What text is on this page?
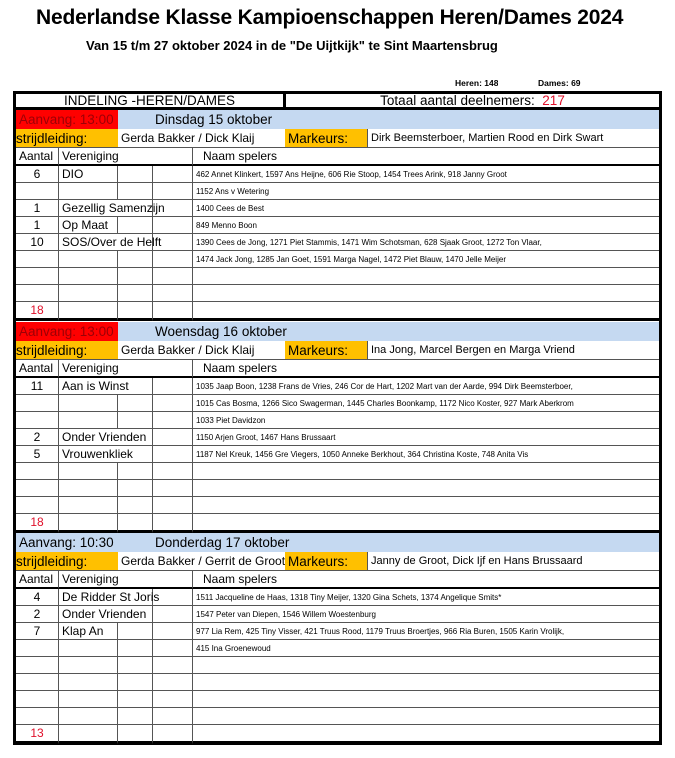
Nederlandse Klasse Kampioenschappen Heren/Dames 2024
Van 15 t/m 27 oktober 2024 in de "De Uijtkijk" te Sint Maartensbrug
Heren: 148	Dames: 69
INDELING -HEREN/DAMES	Totaal aantal deelnemers:
217
Aanvang: 13:00	Dinsdag 15 oktober
strijdleiding:	Gerda Bakker / Dick Klaij	Markeurs:	Dirk Beemsterboer, Martien Rood en Dirk Swart
Aantal Vereniging	Naam spelers
6	DIO	462 Annet Klinkert, 1597 Ans Heijne, 606 Rie Stoop, 1454 Trees Arink, 918 Janny Groot
1152 Ans v Wetering
1	Gezellig Samenzijn	1400 Cees de Best
1	Op Maat	849 Menno Boon
10	SOS/Over de Helft	1390 Cees de Jong, 1271 Piet Stammis, 1471 Wim Schotsman, 628 Sjaak Groot, 1272 Ton Vlaar,
1474 Jack Jong, 1285 Jan Goet, 1591 Marga Nagel, 1472 Piet Blauw, 1470 Jelle Meijer
18
Aanvang: 13:00	Woensdag 16 oktober
strijdleiding:	Gerda Bakker / Dick Klaij	Markeurs:	Ina Jong, Marcel Bergen en Marga Vriend
Aantal Vereniging	Naam spelers
11	Aan is Winst	1035 Jaap Boon, 1238 Frans de Vries, 246 Cor de Hart, 1202 Mart van der Aarde, 994 Dirk Beemsterboer,
1015 Cas Bosma, 1266 Sico Swagerman, 1445 Charles Boonkamp, 1172 Nico Koster, 927 Mark Aberkrom
1033 Piet Davidzon
2	Onder Vrienden	1150 Arjen Groot, 1467 Hans Brussaart
5	Vrouwenkliek	1187 Nel Kreuk, 1456 Gre Viegers, 1050 Anneke Berkhout, 364 Christina Koste, 748 Anita Vis
18
Aanvang: 10:30	Donderdag 17 oktober
strijdleiding:	Gerda Bakker / Gerrit de Groot Markeurs:	Janny de Groot, Dick Ijf en Hans Brussaard
Aantal Vereniging	Naam spelers
4	De Ridder St Joris	1511 Jacqueline de Haas, 1318 Tiny Meijer, 1320 Gina Schets, 1374 Angelique Smits*
2	Onder Vrienden	1547 Peter van Diepen, 1546 Willem Woestenburg
7	Klap An	977 Lia Rem, 425 Tiny Visser, 421 Truus Rood, 1179 Truus Broertjes, 966 Ria Buren, 1505 Karin Vrolijk,
415 Ina Groenewoud
13
